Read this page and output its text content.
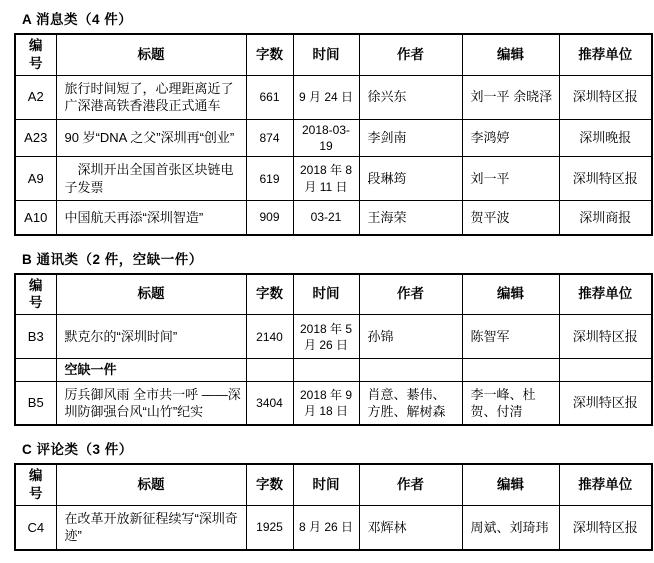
A 消息类（4 件）
编号	标题	字数	时间	作者	编辑	推荐单位
A2	旅行时间短了，心理距离近了 广深港高铁香港段正式通车	661	9 月 24 日	徐兴东	刘一平 余晓泽	深圳特区报
A23	90 岁“DNA 之父”深圳再“创业”	874	2018-03-19	李剑南	李鸿婷	深圳晚报
A9	　深圳开出全国首张区块链电子发票	619	2018 年 8 月 11 日	段琳筠	刘一平	深圳特区报
A10	中国航天再添“深圳智造”	909	03-21	王海荣	贺平波	深圳商报
B 通讯类（2 件，空缺一件）
编号	标题	字数	时间	作者	编辑	推荐单位
B3	默克尔的“深圳时间”	2140	2018 年 5 月 26 日	孙锦	陈智军	深圳特区报
	空缺一件					
B5	厉兵御风雨 全市共一呼 ——深圳防御强台风“山竹”纪实	3404	2018 年 9 月 18 日	肖意、綦伟、方胜、解树森	李一峰、杜贺、付清	深圳特区报
C 评论类（3 件）
编号	标题	字数	时间	作者	编辑	推荐单位
C4	在改革开放新征程续写“深圳奇迹”	1925	8 月 26 日	邓辉林	周斌、刘琦玮	深圳特区报
